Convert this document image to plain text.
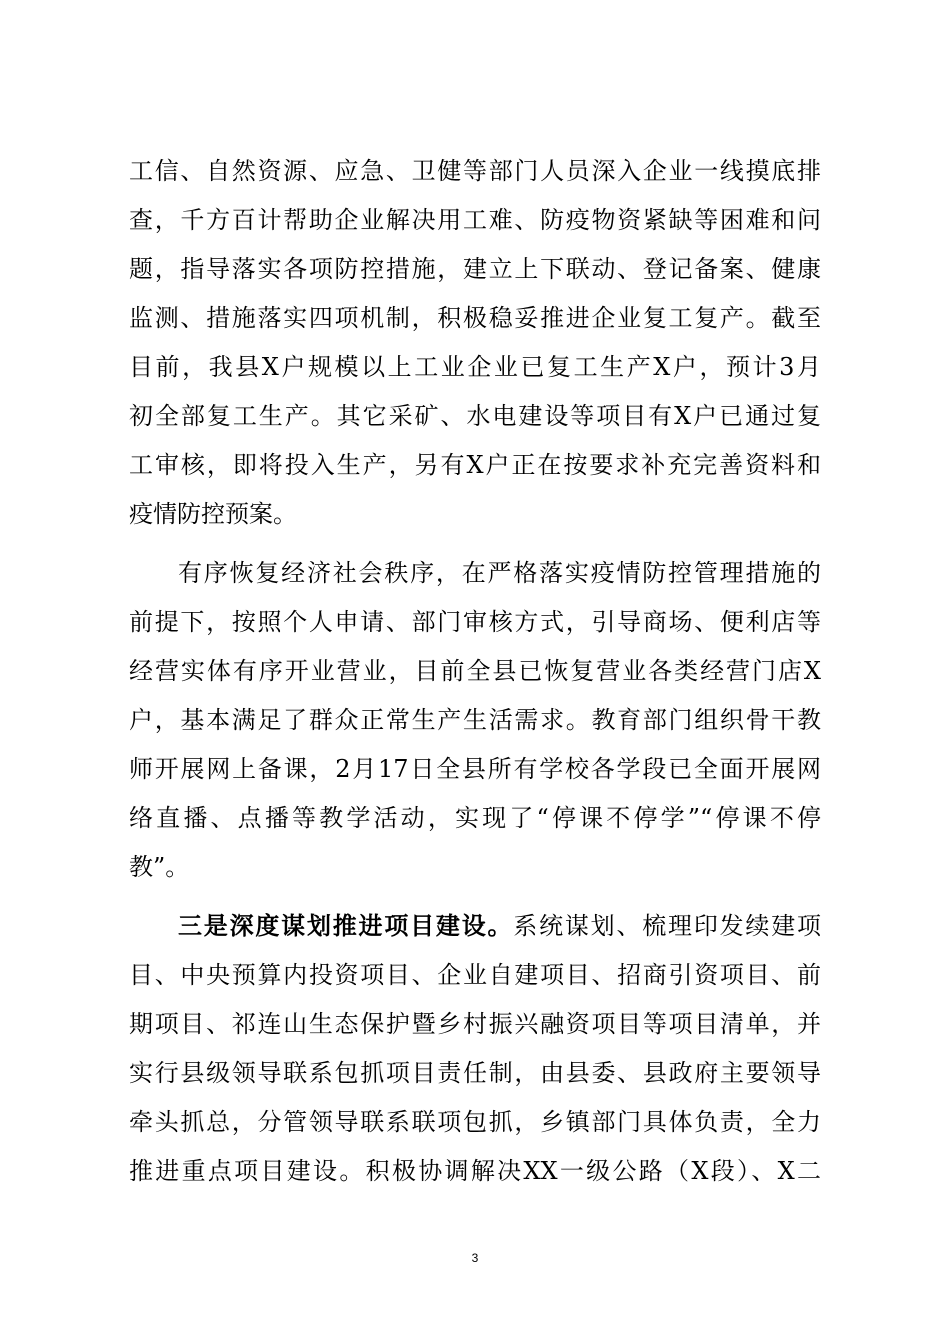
工信、自然资源、应急、卫健等部门人员深入企业一线摸底排
查，千方百计帮助企业解决用工难、防疫物资紧缺等困难和问
题，指导落实各项防控措施，建立上下联动、登记备案、健康
监测、措施落实四项机制，积极稳妥推进企业复工复产。截至
目前，我县X户规模以上工业企业已复工生产X户，预计3月
初全部复工生产。其它采矿、水电建设等项目有X户已通过复
工审核，即将投入生产，另有X户正在按要求补充完善资料和
疫情防控预案。
有序恢复经济社会秩序，在严格落实疫情防控管理措施的
前提下，按照个人申请、部门审核方式，引导商场、便利店等
经营实体有序开业营业，目前全县已恢复营业各类经营门店X
户，基本满足了群众正常生产生活需求。教育部门组织骨干教
师开展网上备课，2月17日全县所有学校各学段已全面开展网
络直播、点播等教学活动，实现了“停课不停学”“停课不停
教”。
三是深度谋划推进项目建设。系统谋划、梳理印发续建项
目、中央预算内投资项目、企业自建项目、招商引资项目、前
期项目、祁连山生态保护暨乡村振兴融资项目等项目清单，并
实行县级领导联系包抓项目责任制，由县委、县政府主要领导
牵头抓总，分管领导联系联项包抓，乡镇部门具体负责，全力
推进重点项目建设。积极协调解决XX一级公路（X段）、X二
3
